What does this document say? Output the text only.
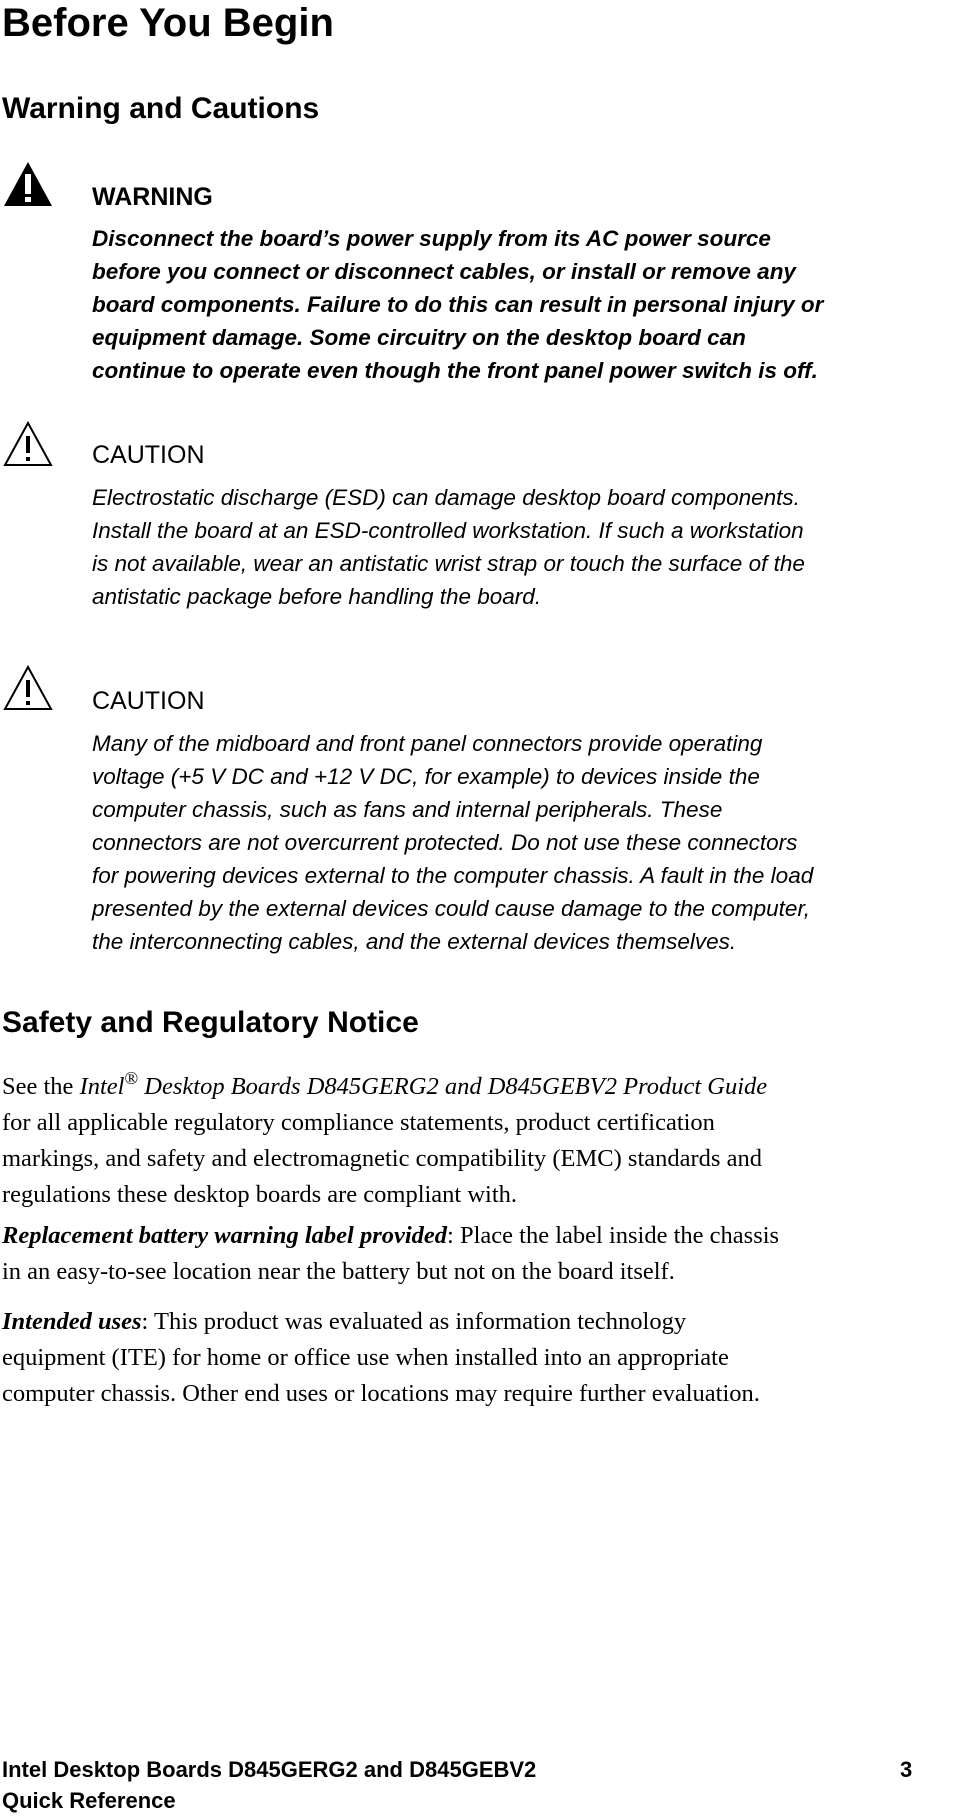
Before You Begin
Warning and Cautions

WARNING

Disconnect the board’s power supply from its AC power source
before you connect or disconnect cables, or install or remove any
board components. Failure to do this can result in personal injury or
equipment damage. Some circuitry on the desktop board can
continue to operate even though the front panel power switch is off.

CAUTION

Electrostatic discharge (ESD) can damage desktop board components.
Install the board at an ESD-controlled workstation. If such a workstation
is not available, wear an antistatic wrist strap or touch the surface of the
antistatic package before handling the board.

CAUTION

Many of the midboard and front panel connectors provide operating
voltage (+5 V DC and +12 V DC, for example) to devices inside the
computer chassis, such as fans and internal peripherals. These
connectors are not overcurrent protected. Do not use these connectors
for powering devices external to the computer chassis. A fault in the load
presented by the external devices could cause damage to the computer,
the interconnecting cables, and the external devices themselves.

Safety and Regulatory Notice

See the Intel® Desktop Boards D845GERG2 and D845GEBV2 Product Guide
for all applicable regulatory compliance statements, product certification
markings, and safety and electromagnetic compatibility (EMC) standards and
regulations these desktop boards are compliant with.

Replacement battery warning label provided: Place the label inside the chassis
in an easy-to-see location near the battery but not on the board itself.

Intended uses: This product was evaluated as information technology
equipment (ITE) for home or office use when installed into an appropriate
computer chassis. Other end uses or locations may require further evaluation.

Intel Desktop Boards D845GERG2 and D845GEBV2

Quick Reference

3
